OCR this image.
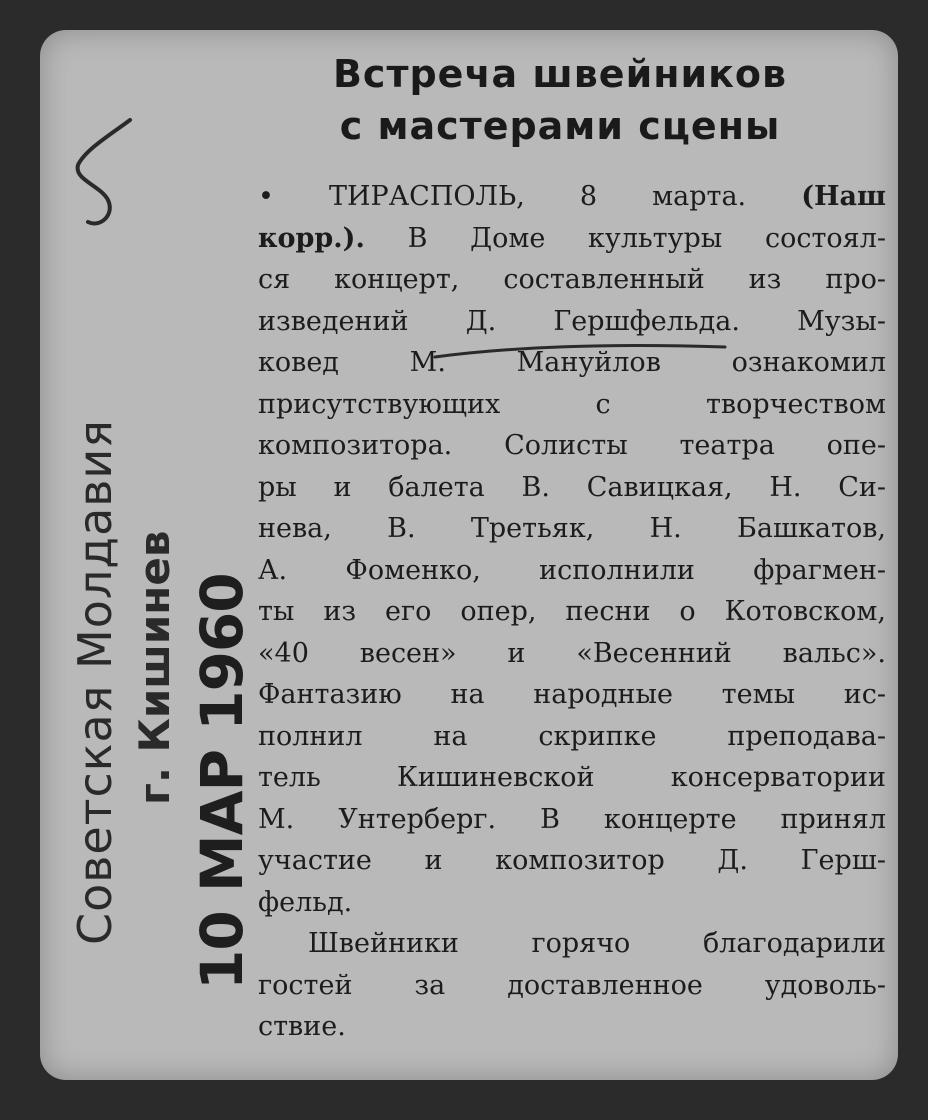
Советская Молдавия г. Кишинев 10 МАР 1960
Встреча швейников
с мастерами сцены
• ТИРАСПОЛЬ, 8 марта. (Наш
корр.). В Доме культуры состоял-
ся концерт, составленный из про-
изведений Д. Гершфельда. Музы-
ковед М. Мануйлов ознакомил
присутствующих с творчеством
композитора. Солисты театра опе-
ры и балета В. Савицкая, Н. Си-
нева, В. Третьяк, Н. Башкатов,
А. Фоменко, исполнили фрагмен-
ты из его опер, песни о Котовском,
«40 весен» и «Весенний вальс».
Фантазию на народные темы ис-
полнил на скрипке преподава-
тель Кишиневской консерватории
М. Унтерберг. В концерте принял
участие и композитор Д. Герш-
фельд.
Швейники горячо благодарили
гостей за доставленное удоволь-
ствие.
